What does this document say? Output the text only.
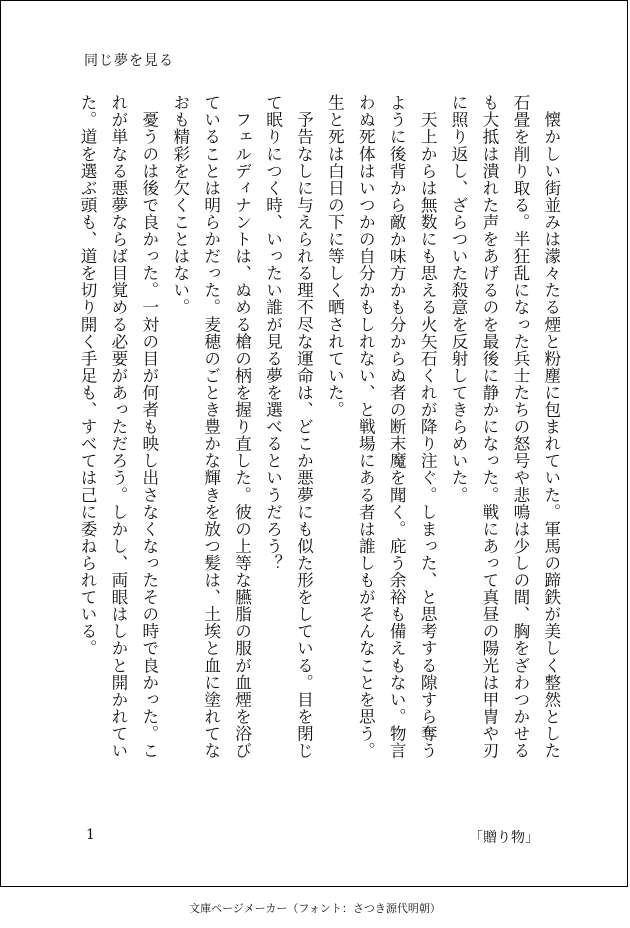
同じ夢を見る
　懐かしい街並みは濛々たる煙と粉塵に包まれていた。軍馬の蹄鉄が美しく整然とした
石畳を削り取る。半狂乱になった兵士たちの怒号や悲鳴は少しの間、胸をざわつかせる
も大抵は潰れた声をあげるのを最後に静かになった。戦にあって真昼の陽光は甲冑や刃
に照り返し、ざらついた殺意を反射してきらめいた。
　天上からは無数にも思える火矢石くれが降り注ぐ。しまった、と思考する隙すら奪う
ように後背から敵か味方かも分からぬ者の断末魔を聞く。庇う余裕も備えもない。物言
わぬ死体はいつかの自分かもしれない、と戦場にある者は誰しもがそんなことを思う。
生と死は白日の下に等しく晒されていた。
　予告なしに与えられる理不尽な運命は、どこか悪夢にも似た形をしている。目を閉じ
て眠りにつく時、いったい誰が見る夢を選べるというだろう？
　フェルディナントは、ぬめる槍の柄を握り直した。彼の上等な臙脂の服が血煙を浴び
ていることは明らかだった。麦穂のごとき豊かな輝きを放つ髪は、土埃と血に塗れてな
おも精彩を欠くことはない。
　憂うのは後で良かった。一対の目が何者も映し出さなくなったその時で良かった。こ
れが単なる悪夢ならば目覚める必要があっただろう。しかし、両眼はしかと開かれてい
た。道を選ぶ頭も、道を切り開く手足も、すべては己に委ねられている。
1	「贈り物」
文庫ページメーカー（フォント：さつき源代明朝）
